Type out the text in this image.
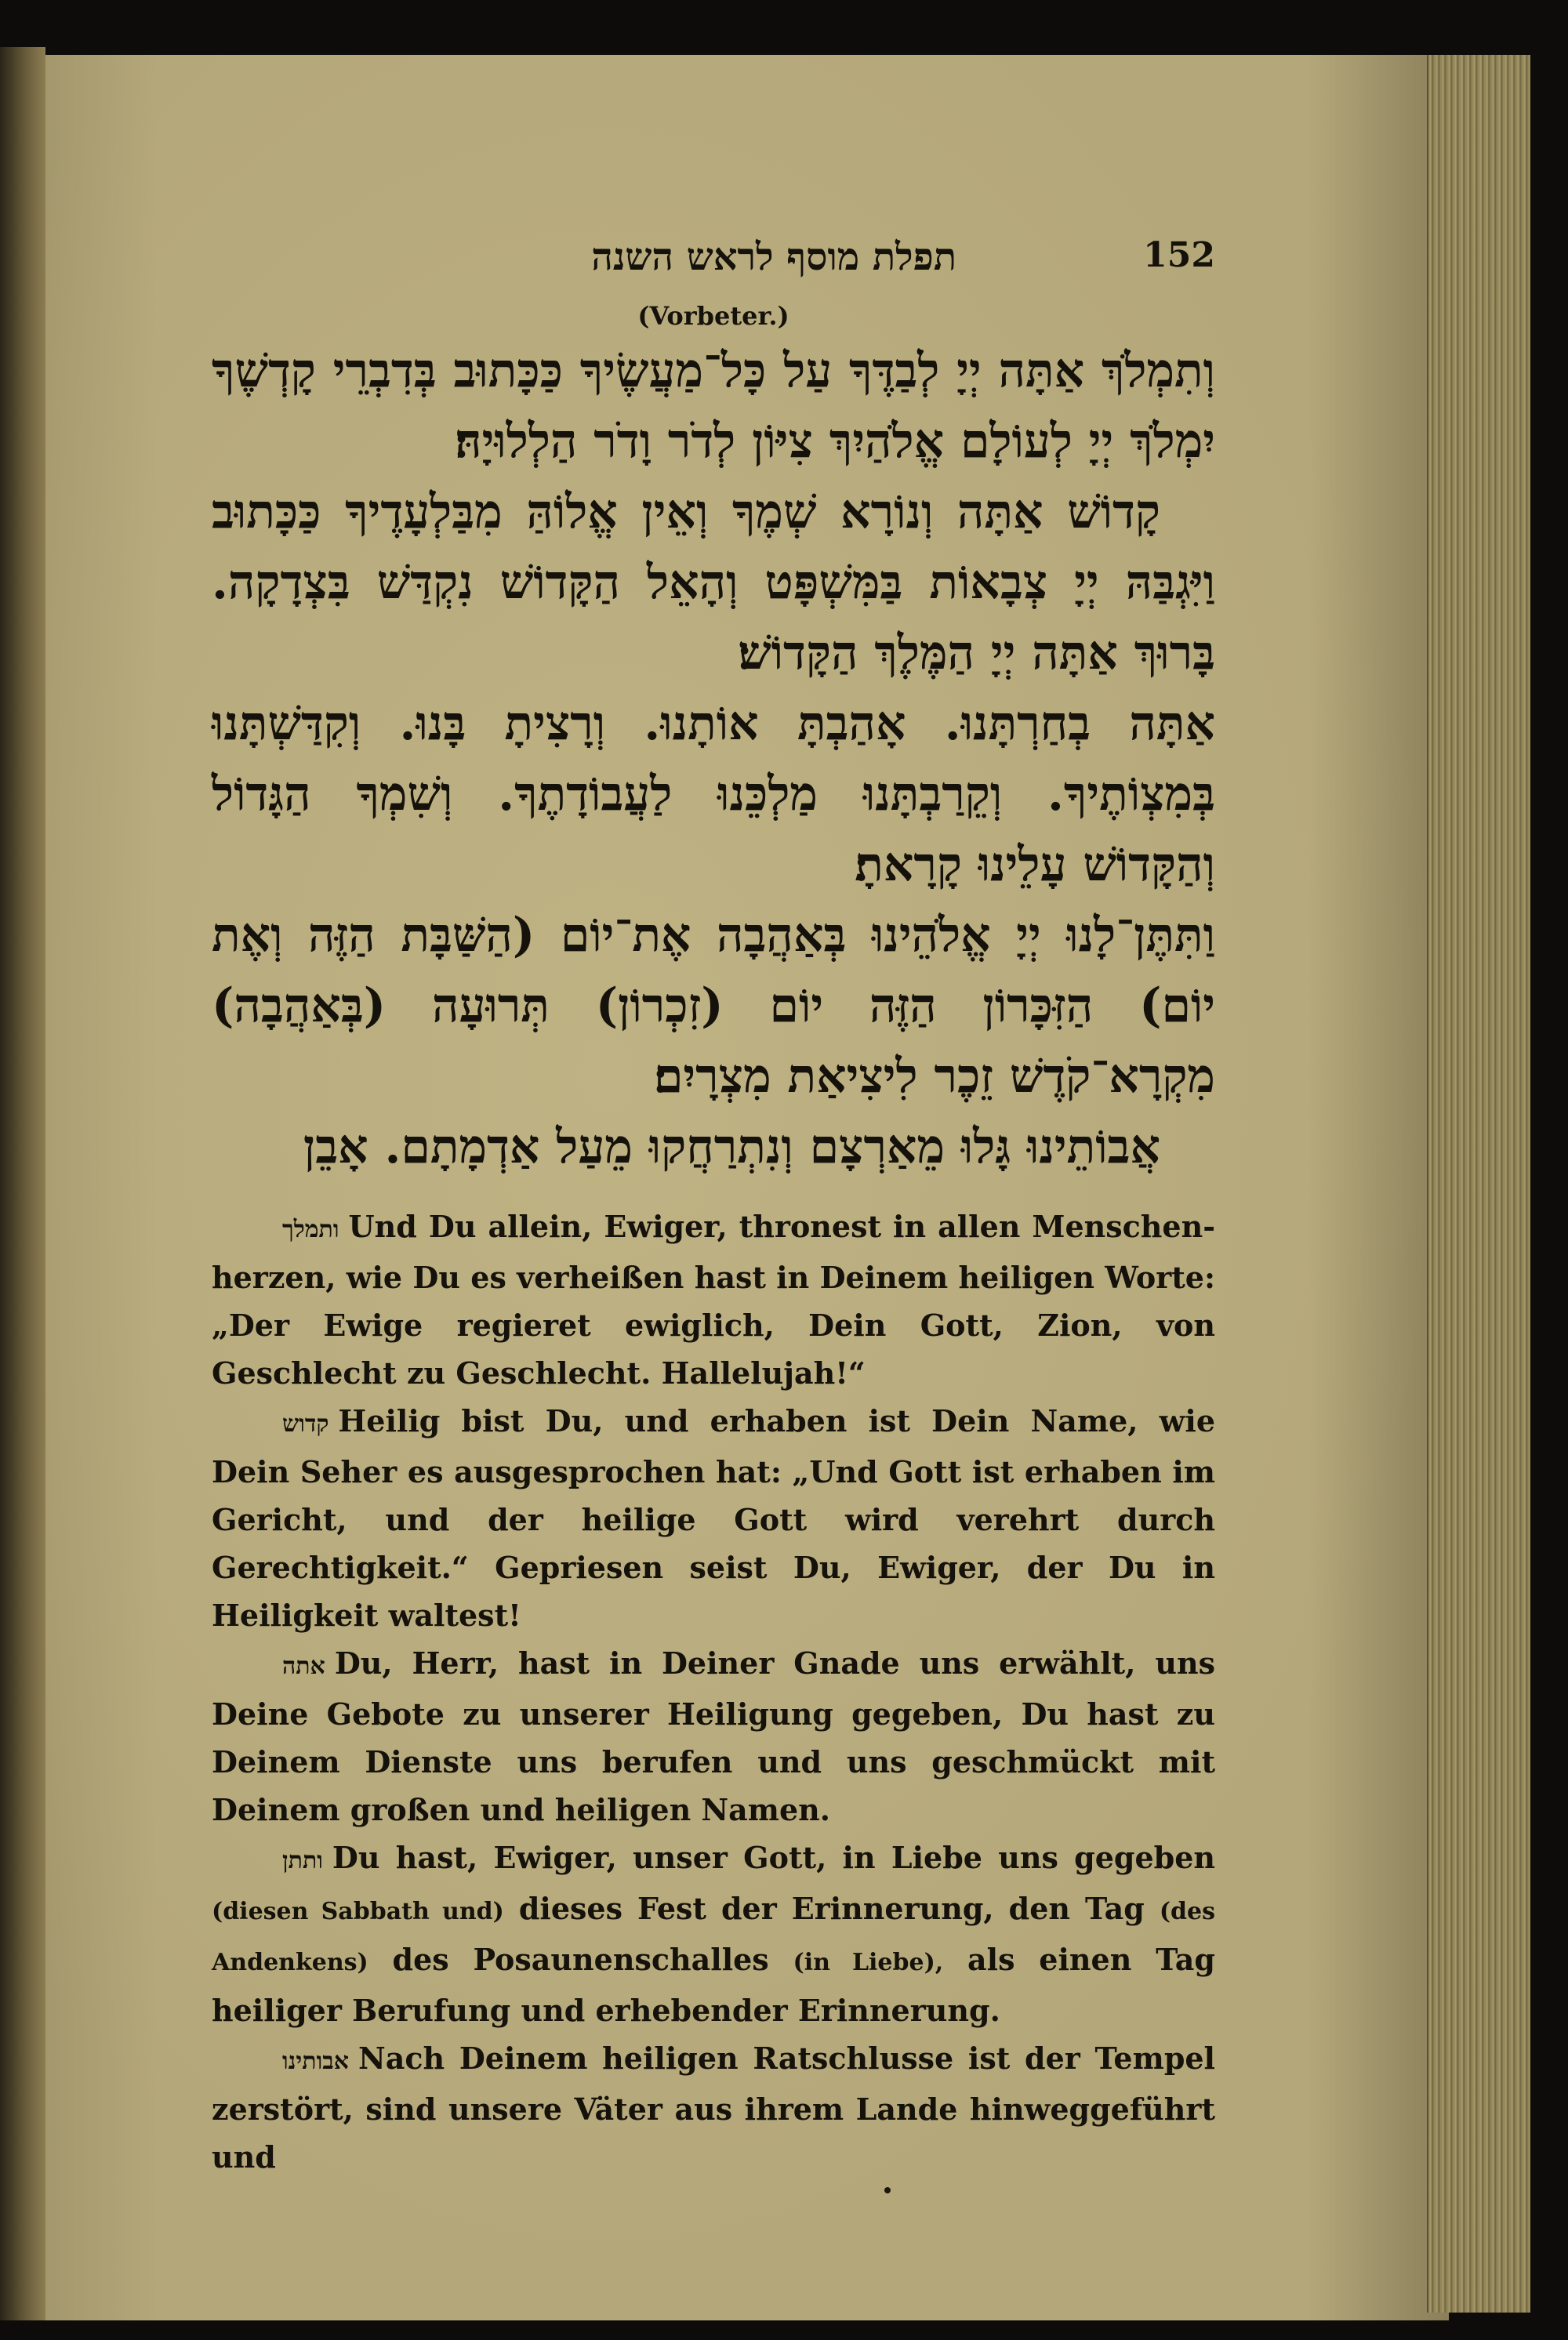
תפלת מוסף לראש השנה	152
(Vorbeter.)

וְתִמְלֹךְ אַתָּה יְיָ לְבַדֶּךָ עַל כָּל־מַעֲשֶׂיךָ כַּכָּתוּב בְּדִבְרֵי קָדְשֶׁךָ יִמְלֹךְ יְיָ לְעוֹלָם אֱלֹהַיִךְ צִיּוֹן לְדֹר וָדֹר הַלְלוּיָהּ׃

קָדוֹשׁ אַתָּה וְנוֹרָא שְׁמֶךָ וְאֵין אֱלוֹהַּ מִבַּלְעָדֶיךָ כַּכָּתוּב וַיִּגְבַּהּ יְיָ צְבָאוֹת בַּמִּשְׁפָּט וְהָאֵל הַקָּדוֹשׁ נִקְדַּשׁ בִּצְדָקָה. בָּרוּךְ אַתָּה יְיָ הַמֶּלֶךְ הַקָּדוֹשׁ׃

אַתָּה בְחַרְתָּנוּ. אָהַבְתָּ אוֹתָנוּ. וְרָצִיתָ בָּנוּ. וְקִדַּשְׁתָּנוּ בְּמִצְוֹתֶיךָ. וְקֵרַבְתָּנוּ מַלְכֵּנוּ לַעֲבוֹדָתֶךָ. וְשִׁמְךָ הַגָּדוֹל וְהַקָּדוֹשׁ עָלֵינוּ קָרָאתָ׃

וַתִּתֶּן־לָנוּ יְיָ אֱלֹהֵינוּ בְּאַהֲבָה אֶת־יוֹם (הַשַּׁבָּת הַזֶּה וְאֶת יוֹם) הַזִּכָּרוֹן הַזֶּה יוֹם (זִכְרוֹן) תְּרוּעָה (בְּאַהֲבָה) מִקְרָא־קֹדֶשׁ זֵכֶר לִיצִיאַת מִצְרָיִם׃

אֲבוֹתֵינוּ גָּלוּ מֵאַרְצָם וְנִתְרַחֲקוּ מֵעַל אַדְמָתָם. אָבֵן

ותמלך Und Du allein, Ewiger, thronest in allen Menschen-herzen, wie Du es verheißen hast in Deinem heiligen Worte: „Der Ewige regieret ewiglich, Dein Gott, Zion, von Geschlecht zu Geschlecht. Hallelujah!“

קדוש Heilig bist Du, und erhaben ist Dein Name, wie Dein Seher es ausgesprochen hat: „Und Gott ist erhaben im Gericht, und der heilige Gott wird verehrt durch Gerechtigkeit.“ Gepriesen seist Du, Ewiger, der Du in Heiligkeit waltest!

אתה Du, Herr, hast in Deiner Gnade uns erwählt, uns Deine Gebote zu unserer Heiligung gegeben, Du hast zu Deinem Dienste uns berufen und uns geschmückt mit Deinem großen und heiligen Namen.

ותתן Du hast, Ewiger, unser Gott, in Liebe uns gegeben (diesen Sabbath und) dieses Fest der Erinnerung, den Tag (des Andenkens) des Posaunenschalles (in Liebe), als einen Tag heiliger Berufung und erhebender Erinnerung.

אבותינו Nach Deinem heiligen Ratschlusse ist der Tempel zerstört, sind unsere Väter aus ihrem Lande hinweggeführt und
